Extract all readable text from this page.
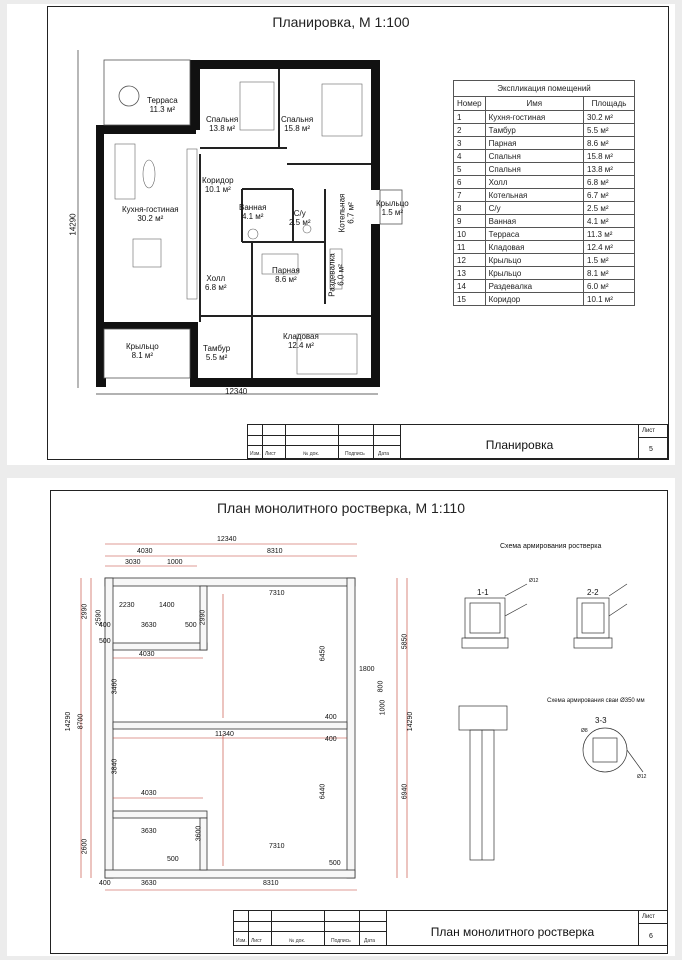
Планировка, М 1:100
14290
12340
Терраса
11.3 м²
Спальня
13.8 м²
Спальня
15.8 м²
Коридор
10.1 м²
Кухня-гостиная
30.2 м²
Ванная
4.1 м²	С/у
2.5 м²	Котельная 6.7 м²	Крыльцо
1.5 м²
Холл
6.8 м²
Парная
8.6 м²	Раздевалка 6.0 м²
Крыльцо
8.1 м²
Тамбур
5.5 м²
Кладовая
12.4 м²
Экспликация помещений		
Номер	Имя	Площадь
1	Кухня-гостиная	30.2 м²
2	Тамбур	5.5 м²
3	Парная	8.6 м²
4	Спальня	15.8 м²
5	Спальня	13.8 м²
6	Холл	6.8 м²
7	Котельная	6.7 м²
8	С/у	2.5 м²
9	Ванная	4.1 м²
10	Терраса	11.3 м²
11	Кладовая	12.4 м²
12	Крыльцо	1.5 м²
13	Крыльцо	8.1 м²
14	Раздевалка	6.0 м²
15	Коридор	10.1 м²
Изм. Лист	№ док.	Подпись	Дата
Планировка
Лист
5
План монолитного ростверка, М 1:110
12340
4030	8310
3030	1000
2230	1400
2990 2590
400
500
14290 8700
3460
3840
2600
400
3630	500
2990
7310
6450
5850
4030
11340
400
400
1800
800
1000
14290
4030	6440	6940
3630	3600
500
7310
500
3630	8310
Схема армирования ростверка
1-1	2-2
Схема армирования сваи Ø350 мм
3-3
Ø12
Ø8
Ø12
Изм. Лист	№ док.	Подпись	Дата
План монолитного ростверка
Лист
6
